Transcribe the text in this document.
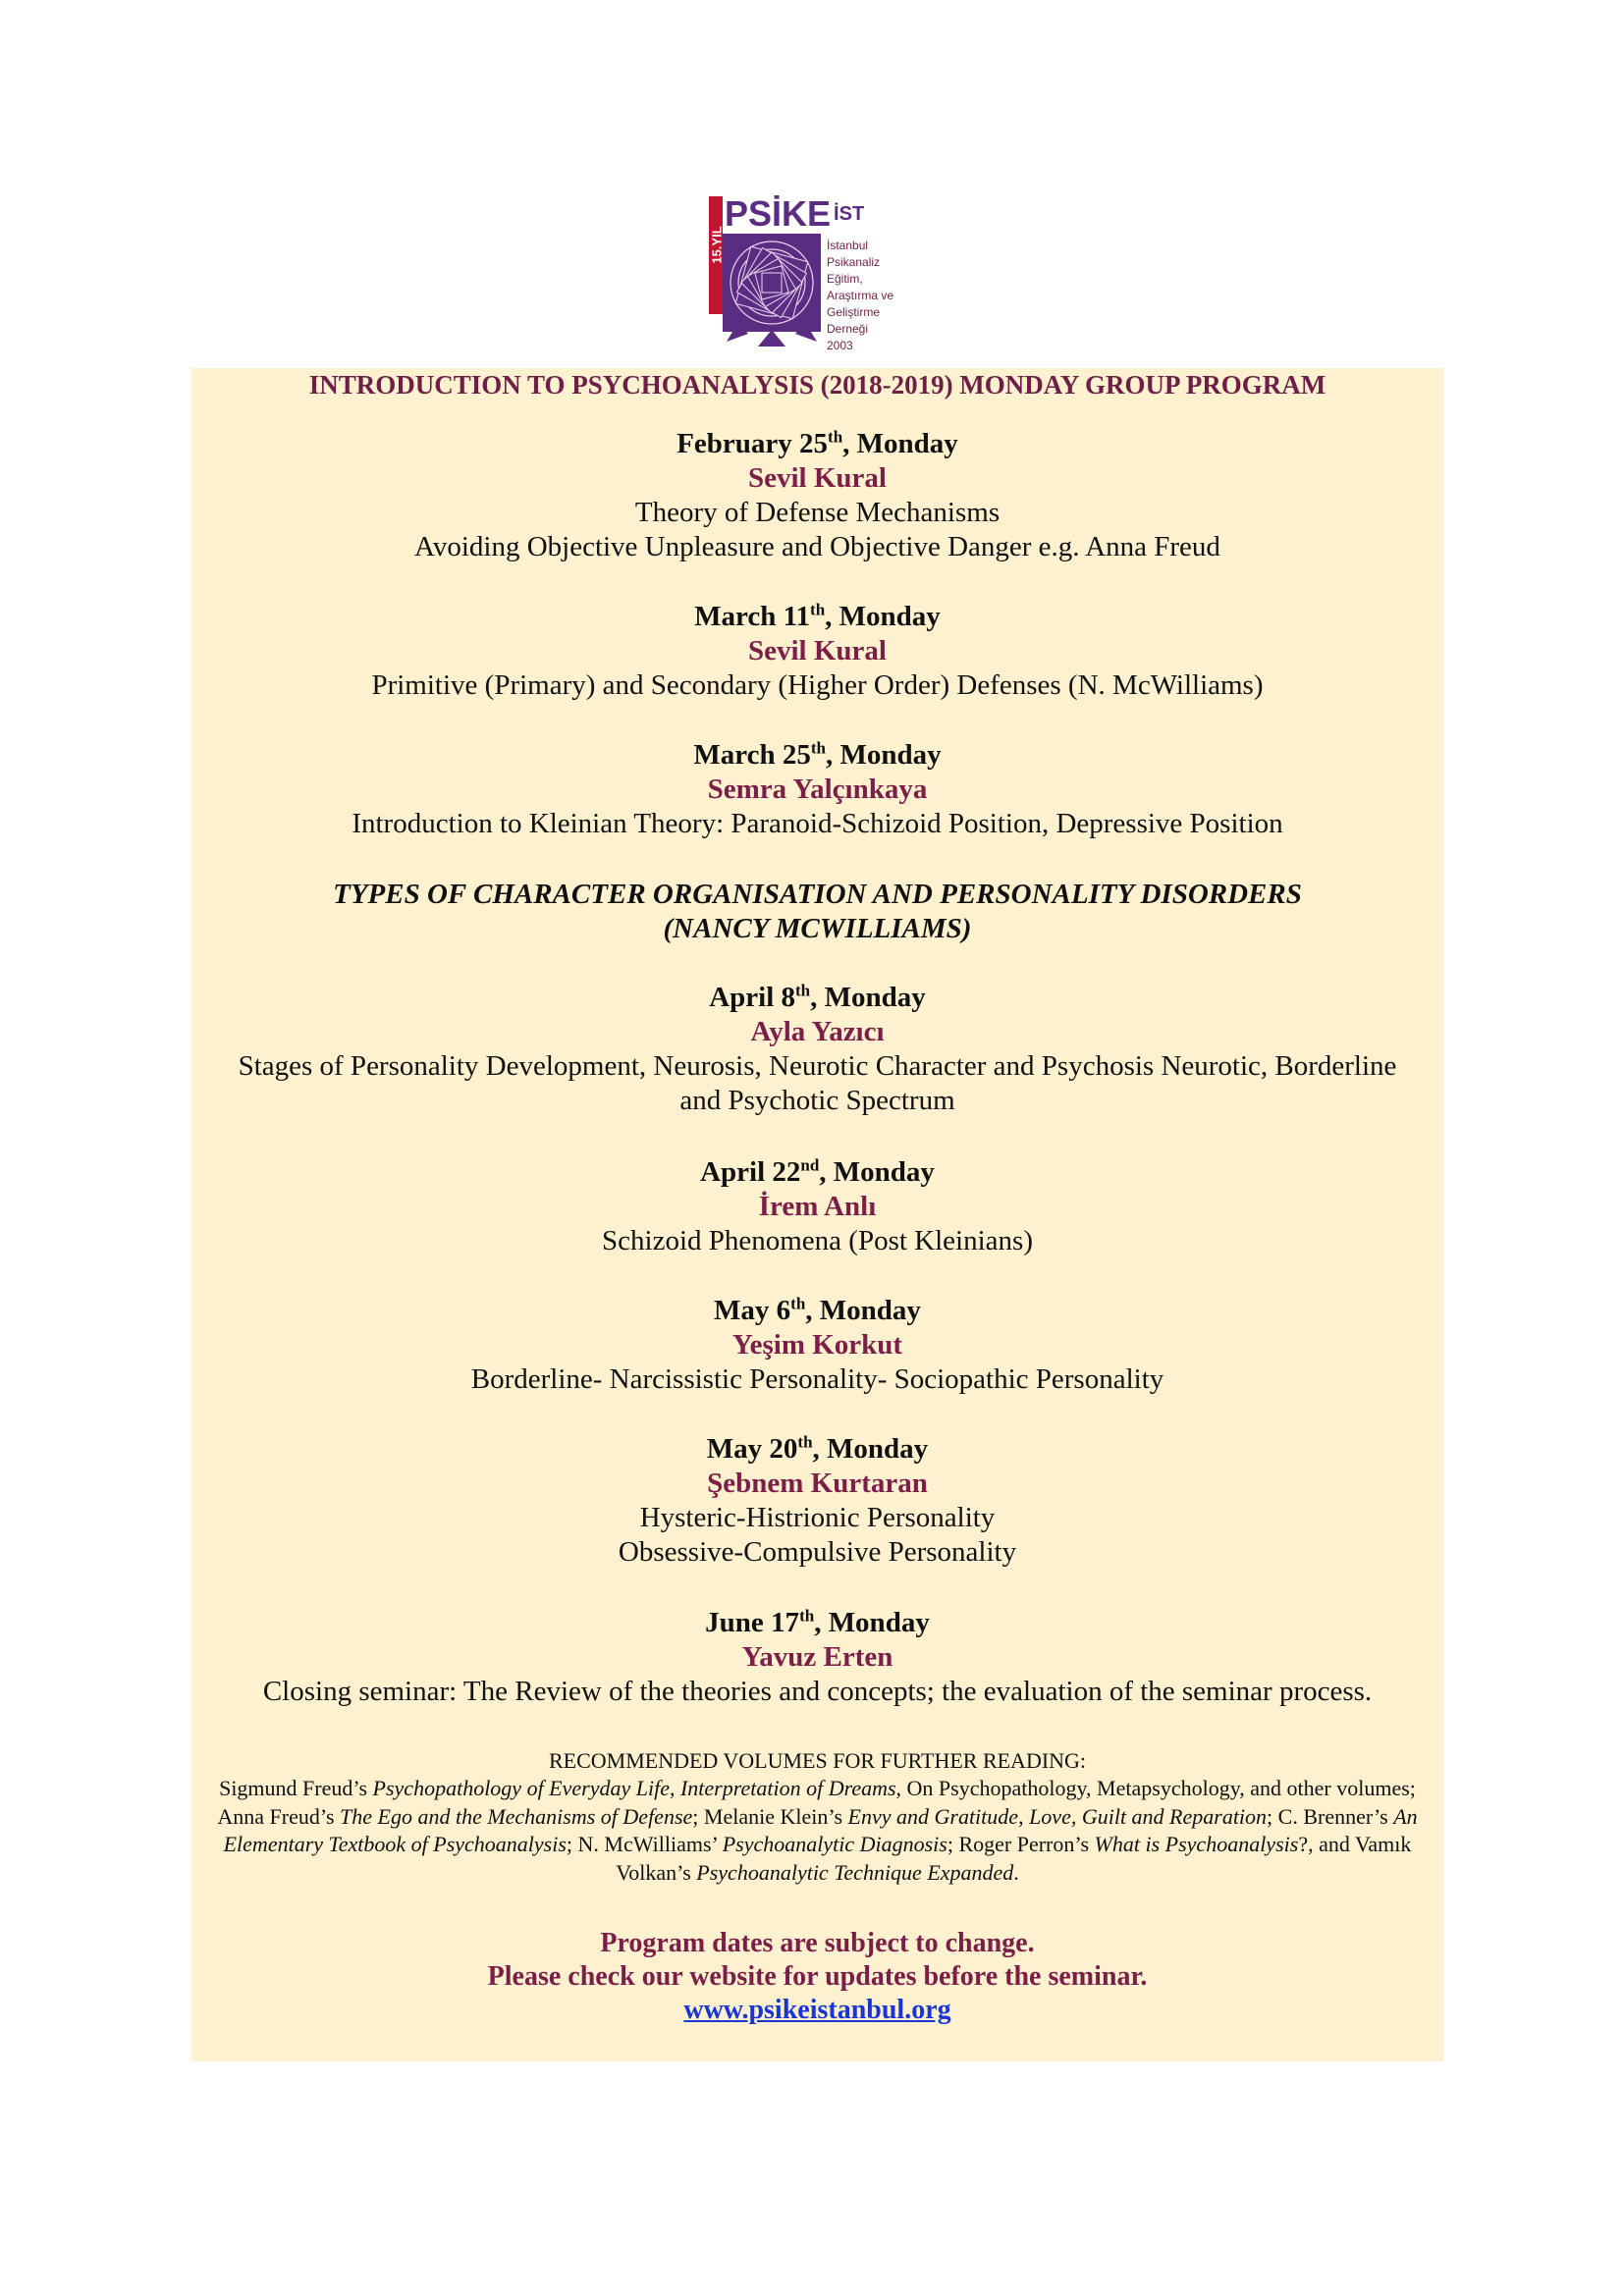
15.YIL
PSİKE $^{İST}$
İstanbul
Psikanaliz
Eğitim,
Araştırma ve
Geliştirme
Derneği
2003
INTRODUCTION TO PSYCHOANALYSIS (2018-2019) MONDAY GROUP PROGRAM
February 25th, Monday
Sevil Kural
Theory of Defense Mechanisms
Avoiding Objective Unpleasure and Objective Danger e.g. Anna Freud
March 11th, Monday
Sevil Kural
Primitive (Primary) and Secondary (Higher Order) Defenses (N. McWilliams)
March 25th, Monday
Semra Yalçınkaya
Introduction to Kleinian Theory: Paranoid-Schizoid Position, Depressive Position
TYPES OF CHARACTER ORGANISATION AND PERSONALITY DISORDERS
(NANCY MCWILLIAMS)
April 8th, Monday
Ayla Yazıcı
Stages of Personality Development, Neurosis, Neurotic Character and Psychosis Neurotic, Borderline
and Psychotic Spectrum
April 22nd, Monday
İrem Anlı
Schizoid Phenomena (Post Kleinians)
May 6th, Monday
Yeşim Korkut
Borderline- Narcissistic Personality- Sociopathic Personality
May 20th, Monday
Şebnem Kurtaran
Hysteric-Histrionic Personality
Obsessive-Compulsive Personality
June 17th, Monday
Yavuz Erten
Closing seminar: The Review of the theories and concepts; the evaluation of the seminar process.
RECOMMENDED VOLUMES FOR FURTHER READING:
Sigmund Freud’s Psychopathology of Everyday Life, Interpretation of Dreams, On Psychopathology, Metapsychology, and other volumes; Anna Freud’s The Ego and the Mechanisms of Defense; Melanie Klein’s Envy and Gratitude, Love, Guilt and Reparation; C. Brenner’s An Elementary Textbook of Psychoanalysis; N. McWilliams’ Psychoanalytic Diagnosis; Roger Perron’s What is Psychoanalysis?, and Vamık Volkan’s Psychoanalytic Technique Expanded.
Program dates are subject to change.
Please check our website for updates before the seminar.
www.psikeistanbul.org
